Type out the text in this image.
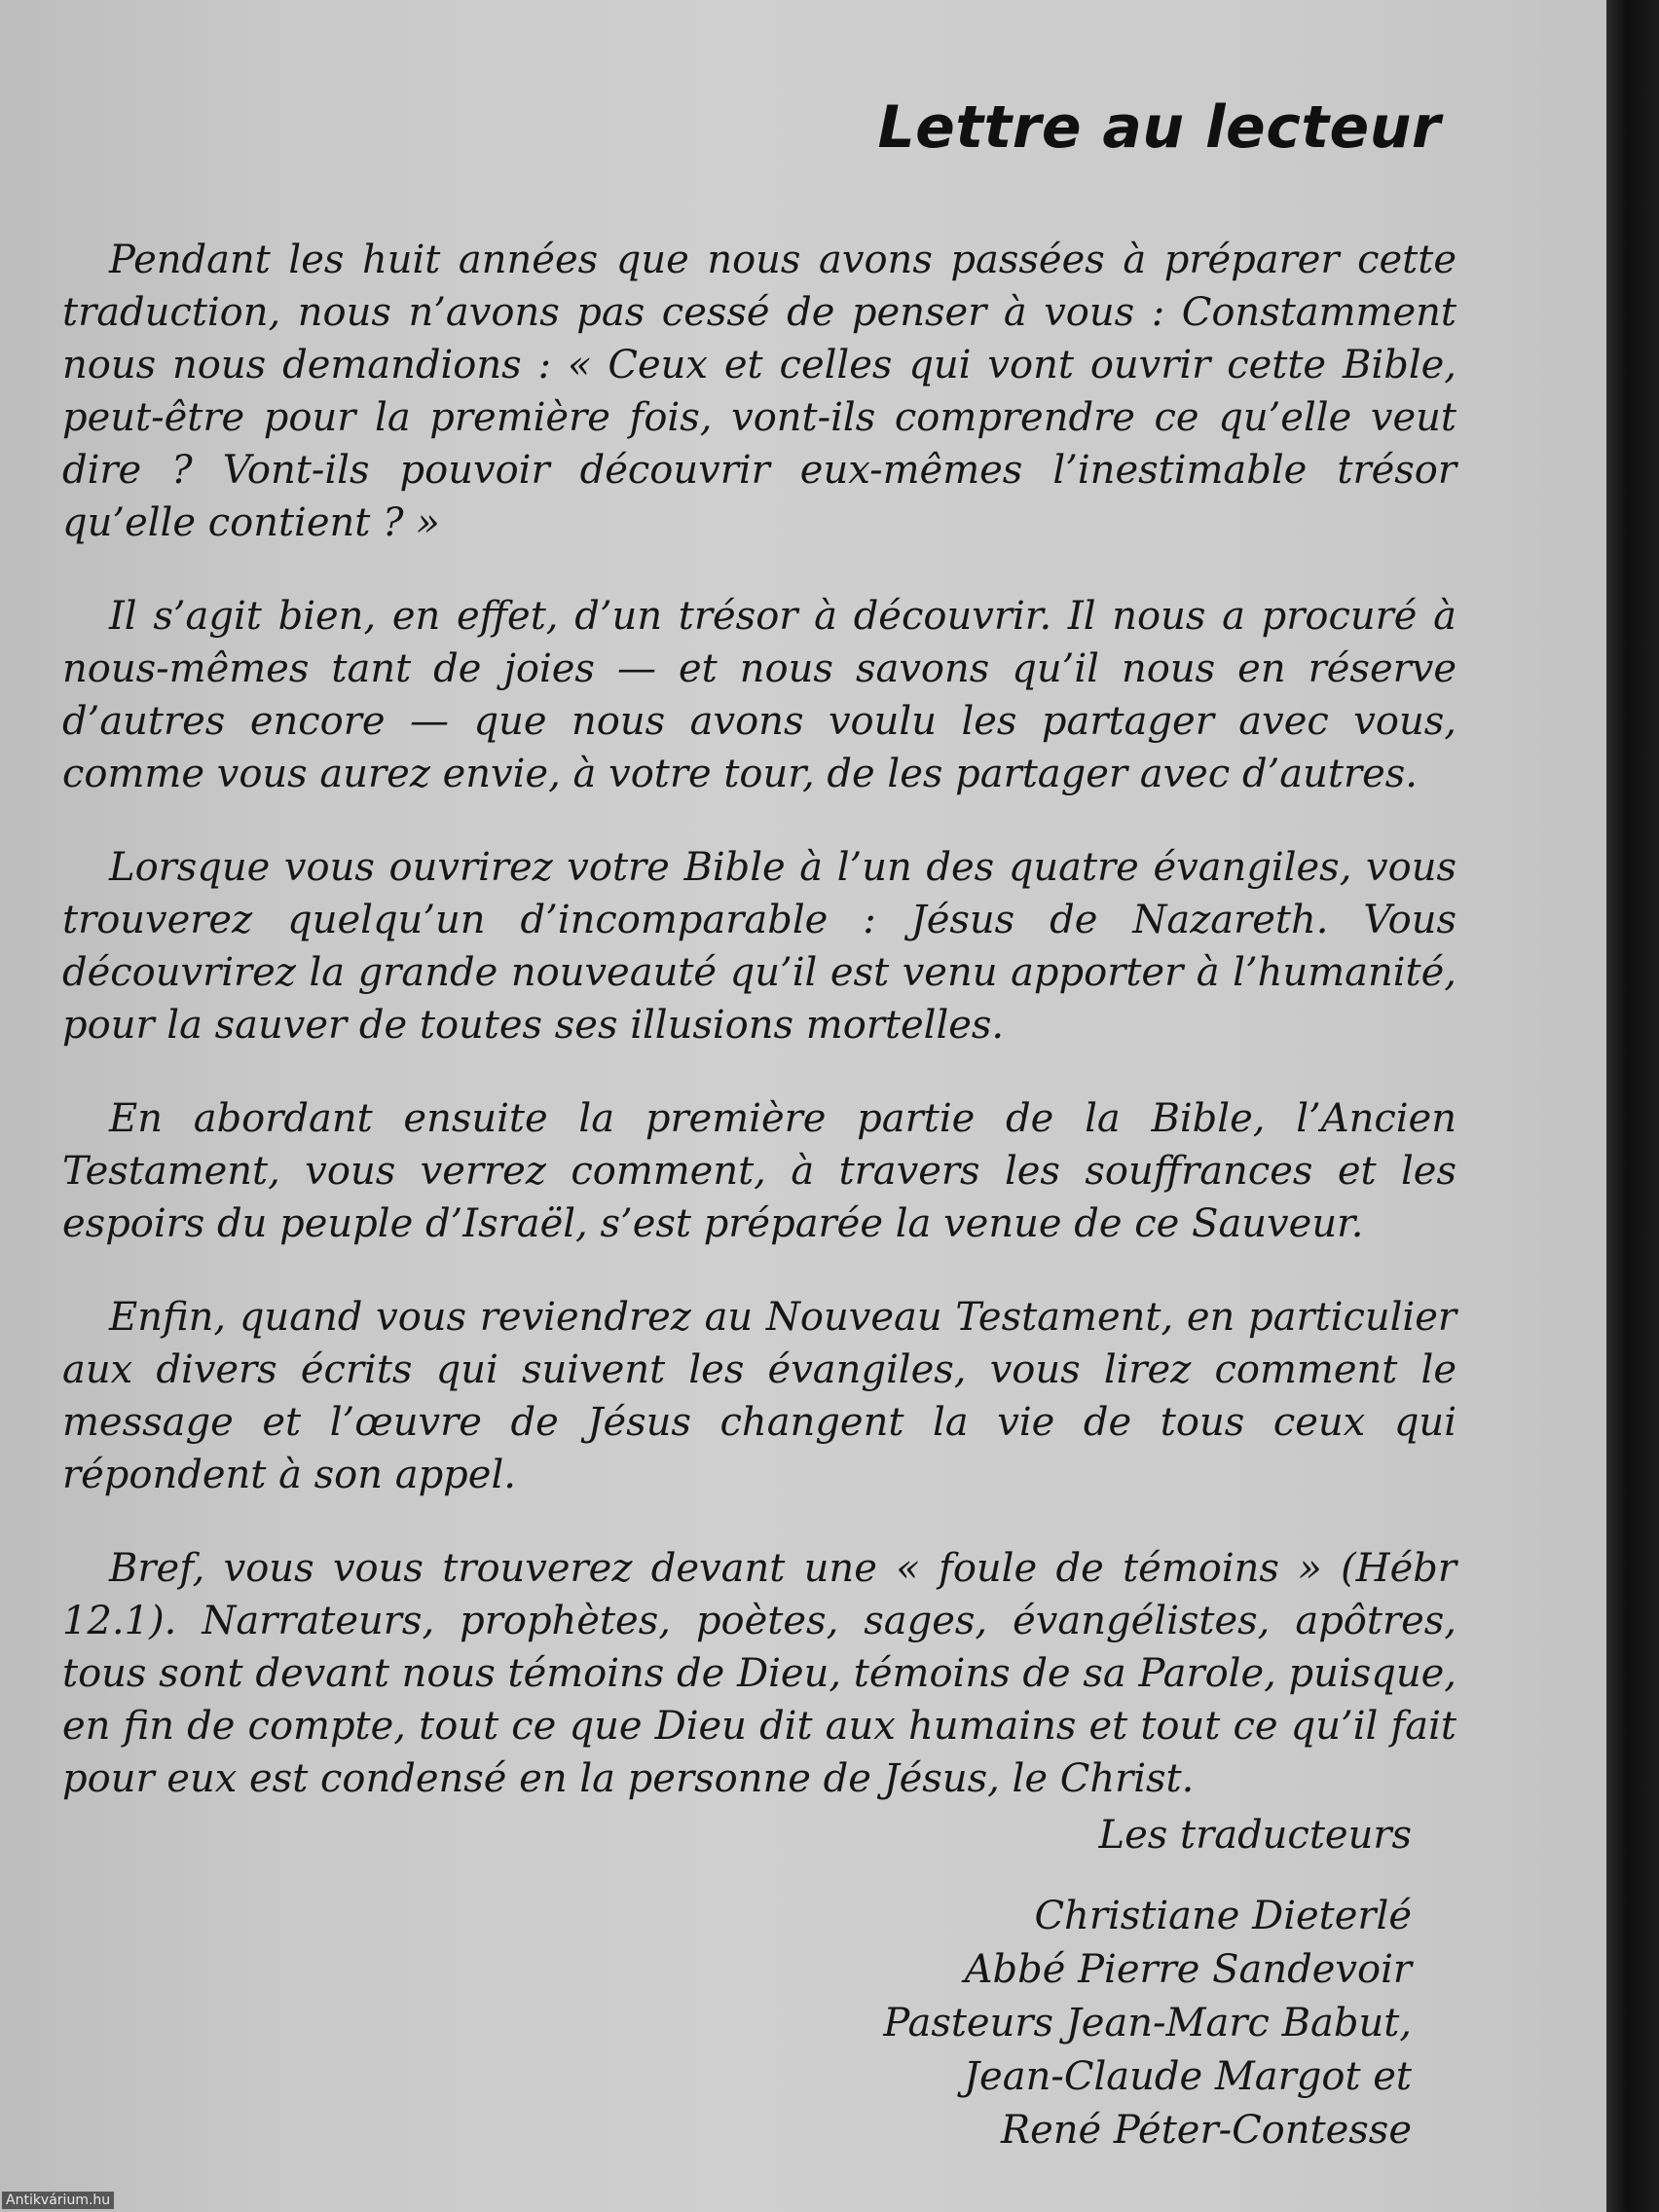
Lettre au lecteur

Pendant les huit années que nous avons passées à préparer cette traduction, nous n’avons pas cessé de penser à vous : Constamment nous nous demandions : « Ceux et celles qui vont ouvrir cette Bible, peut-être pour la première fois, vont-ils comprendre ce qu’elle veut dire ? Vont-ils pouvoir découvrir eux-mêmes l’inestimable trésor qu’elle contient ? »

Il s’agit bien, en effet, d’un trésor à découvrir. Il nous a procuré à nous-mêmes tant de joies — et nous savons qu’il nous en réserve d’autres encore — que nous avons voulu les partager avec vous, comme vous aurez envie, à votre tour, de les partager avec d’autres.

Lorsque vous ouvrirez votre Bible à l’un des quatre évangiles, vous trouverez quelqu’un d’incomparable : Jésus de Nazareth. Vous découvrirez la grande nouveauté qu’il est venu apporter à l’humanité, pour la sauver de toutes ses illusions mortelles.

En abordant ensuite la première partie de la Bible, l’Ancien Testament, vous verrez comment, à travers les souffrances et les espoirs du peuple d’Israël, s’est préparée la venue de ce Sauveur.

Enfin, quand vous reviendrez au Nouveau Testament, en particulier aux divers écrits qui suivent les évangiles, vous lirez comment le message et l’œuvre de Jésus changent la vie de tous ceux qui répondent à son appel.

Bref, vous vous trouverez devant une « foule de témoins » (Hébr 12.1). Narrateurs, prophètes, poètes, sages, évangélistes, apôtres, tous sont devant nous témoins de Dieu, témoins de sa Parole, puisque, en fin de compte, tout ce que Dieu dit aux humains et tout ce qu’il fait pour eux est condensé en la personne de Jésus, le Christ.

Les traducteurs
Christiane Dieterlé
Abbé Pierre Sandevoir
Pasteurs Jean-Marc Babut,
Jean-Claude Margot et
René Péter-Contesse
Antikvárium.hu
